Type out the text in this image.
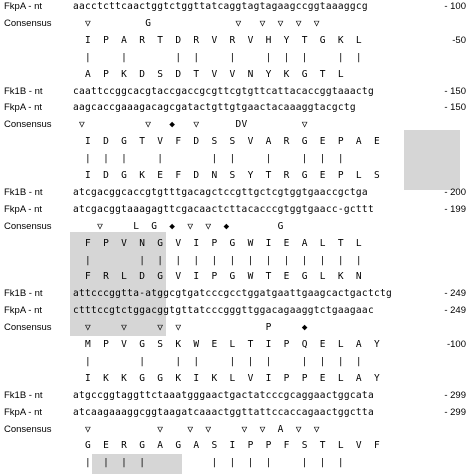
FkpA - nt	aacctcttcaactggtctggttatcaggtagtagaagccggtaaaggcg	- 100
Consensus ▽         G              ▽   ▽  ▽  ▽  ▽
I  P  A  R  T  D  R  V  R  V  H  Y  T  G  K  L	-50
|     |        |  |     |     |  |  |     |  |
A  P  K  D  S  D  T  V  V  N  Y  K  G  T  L
Fk1B - nt	caattccggcacgtaccgaccgcgttcgtgttcattacaccggtaaactg	- 150
FkpA - nt	aagcaccgaaagacagcgatactgttgtgaactacaaaggtacgctg	- 150
Consensus ▽          ▽   ◆   ▽      DV         ▽
I  D  G  T  V  F  D  S  S  V  A  R  G  E  P  A  E
|  |  |     |        |  |     |     |  |  |
I  D  G  K  E  F  D  N  S  Y  T  R  G  E  P  L  S
Fk1B - nt	atcgacggcaccgtgtttgacagctccgttgctcgtggtgaaccgctga	- 200
FkpA - nt	atcgacggtaaagagttcgacaactcttacacccgtggtgaacc-gcttt	- 199
Consensus ▽     L  G  ◆  ▽  ▽  ◆        G
F  P  V  N  G  V  I  P  G  W  I  E  A  L  T  L
|        |  |  |  |  |  |  |  |  |  |  |  |  |
F  R  L  D  G  V  I  P  G  W  T  E  G  L  K  N
Fk1B - nt	attcccggtta-atggcgtgatcccgcctggatgaattgaagcactgactctg	- 249
FkpA - nt	ctttccgtctggacggtgttatcccgggttggacagaaggtctgaagaac	- 249
Consensus ▽     ▽     ▽  ▽              P     ◆
M  P  V  G  S  K  W  E  L  T  I  P  Q  E  L  A  Y	-100
|        |     |  |     |  |  |     |  |  |  |
I  K  K  G  G  K  I  K  L  V  I  P  P  E  L  A  Y
Fk1B - nt	atgccggtaggttctaaatgggaactgactatcccgcaggaactggcata	- 299
FkpA - nt	atcaagaaaggcggtaagatcaaactggttattccaccagaactggctta	- 299
Consensus ▽           ▽    ▽  ▽     ▽  ▽  A  ▽  ▽
G  E  R  G  A  G  A  S  I  P  P  F  S  T  L  V  F
|  |  |  |           |  |  |  |     |  |  |
